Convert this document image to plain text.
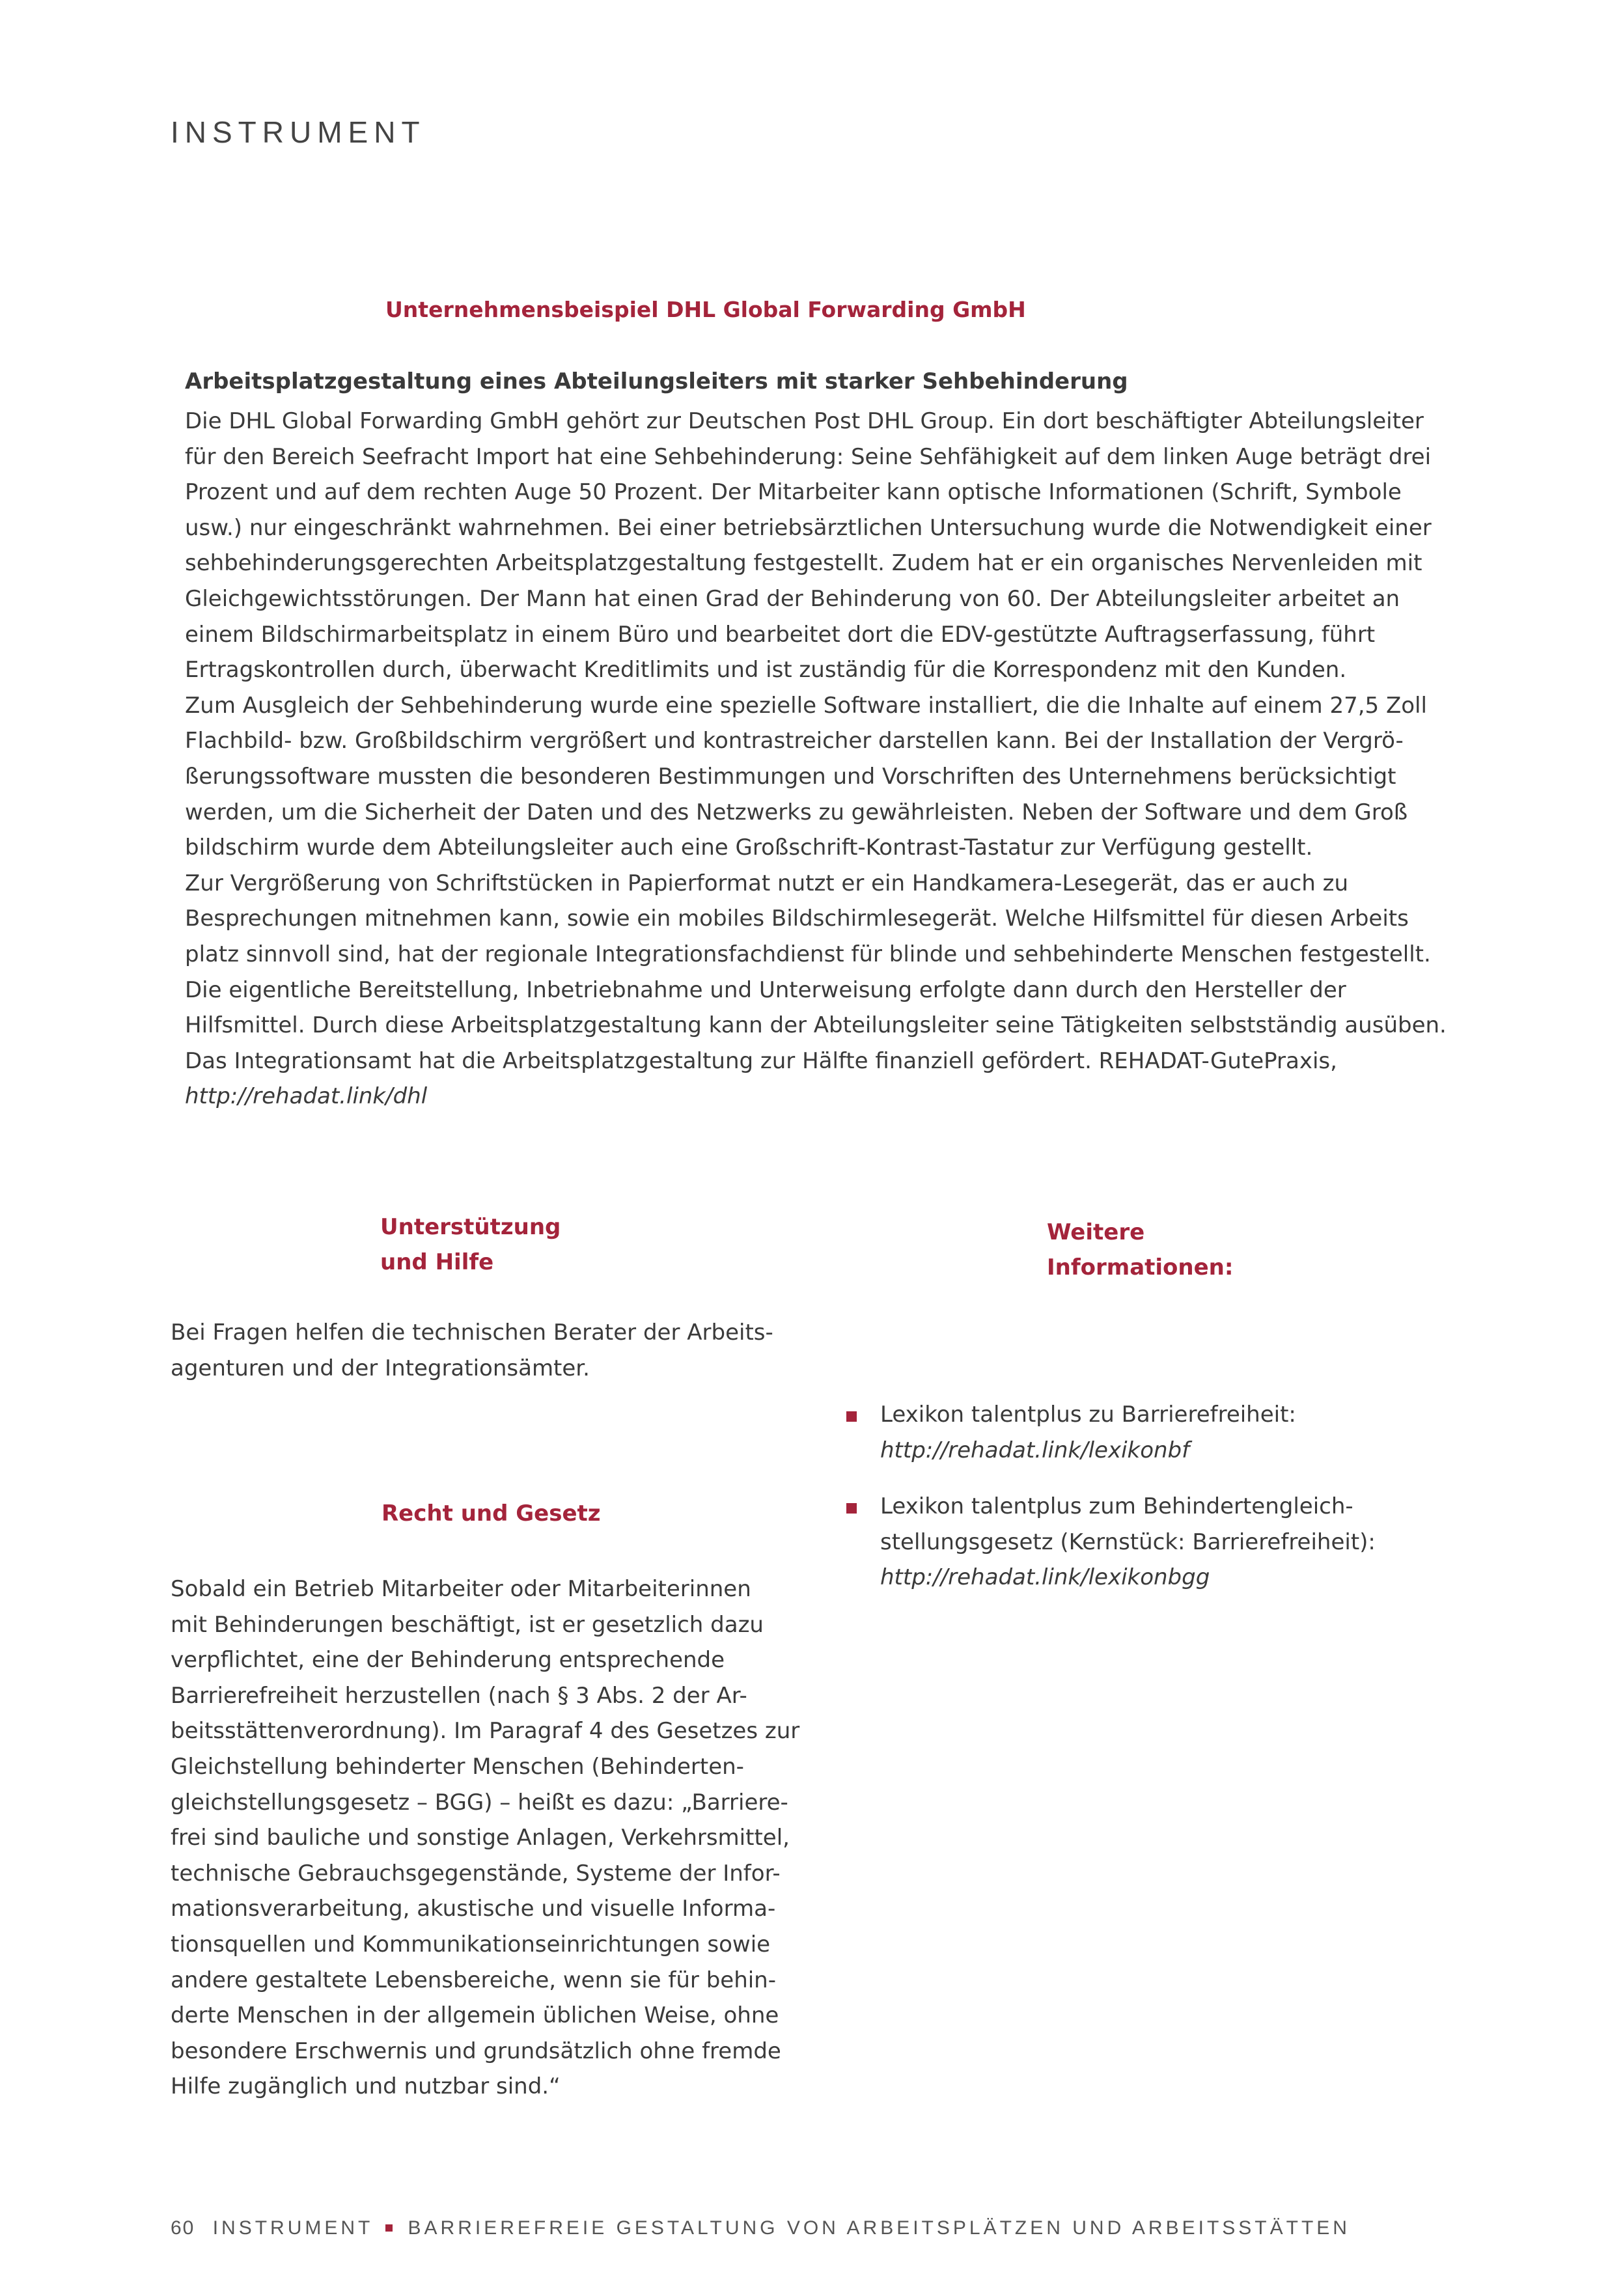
INSTRUMENT
Unternehmensbeispiel DHL Global Forwarding GmbH
Arbeitsplatzgestaltung eines Abteilungsleiters mit starker Sehbehinderung
Die DHL Global Forwarding GmbH gehört zur Deutschen Post DHL Group. Ein dort beschäftigter Abteilungsleiter
für den Bereich Seefracht Import hat eine Sehbehinderung: Seine Sehfähigkeit auf dem linken Auge beträgt drei
Prozent und auf dem rechten Auge 50 Prozent. Der Mitarbeiter kann optische Informationen (Schrift, Symbole
usw.) nur eingeschränkt wahrnehmen. Bei einer betriebsärztlichen Untersuchung wurde die Notwendigkeit einer
sehbehinderungsgerechten Arbeitsplatzgestaltung festgestellt. Zudem hat er ein organisches Nervenleiden mit
Gleichgewichtsstörungen. Der Mann hat einen Grad der Behinderung von 60. Der Abteilungsleiter arbeitet an
einem Bildschirmarbeitsplatz in einem Büro und bearbeitet dort die EDV-gestützte Auftragserfassung, führt
Ertragskontrollen durch, überwacht Kreditlimits und ist zuständig für die Korrespondenz mit den Kunden.
Zum Ausgleich der Sehbehinderung wurde eine spezielle Software installiert, die die Inhalte auf einem 27,5 Zoll
Flachbild- bzw. Großbildschirm vergrößert und kontrastreicher darstellen kann. Bei der Installation der Vergrö-
ßerungssoftware mussten die besonderen Bestimmungen und Vorschriften des Unternehmens berücksichtigt
werden, um die Sicherheit der Daten und des Netzwerks zu gewährleisten. Neben der Software und dem Groß
bildschirm wurde dem Abteilungsleiter auch eine Großschrift-Kontrast-Tastatur zur Verfügung gestellt.
Zur Vergrößerung von Schriftstücken in Papierformat nutzt er ein Handkamera-Lesegerät, das er auch zu
Besprechungen mitnehmen kann, sowie ein mobiles Bildschirmlesegerät. Welche Hilfsmittel für diesen Arbeits
platz sinnvoll sind, hat der regionale Integrationsfachdienst für blinde und sehbehinderte Menschen festgestellt.
Die eigentliche Bereitstellung, Inbetriebnahme und Unterweisung erfolgte dann durch den Hersteller der
Hilfsmittel. Durch diese Arbeitsplatzgestaltung kann der Abteilungsleiter seine Tätigkeiten selbstständig ausüben.
Das Integrationsamt hat die Arbeitsplatzgestaltung zur Hälfte finanziell gefördert. REHADAT-GutePraxis,
http://rehadat.link/dhl
Unterstützung
und Hilfe
Bei Fragen helfen die technischen Berater der Arbeits-
agenturen und der Integrationsämter.
Recht und Gesetz
Sobald ein Betrieb Mitarbeiter oder Mitarbeiterinnen
mit Behinderungen beschäftigt, ist er gesetzlich dazu
verpflichtet, eine der Behinderung entsprechende
Barrierefreiheit herzustellen (nach § 3 Abs. 2 der Ar-
beitsstättenverordnung). Im Paragraf 4 des Gesetzes zur
Gleichstellung behinderter Menschen (Behinderten-
gleichstellungsgesetz – BGG) – heißt es dazu: „Barriere-
frei sind bauliche und sonstige Anlagen, Verkehrsmittel,
technische Gebrauchsgegenstände, Systeme der Infor-
mationsverarbeitung, akustische und visuelle Informa-
tionsquellen und Kommunikationseinrichtungen sowie
andere gestaltete Lebensbereiche, wenn sie für behin-
derte Menschen in der allgemein üblichen Weise, ohne
besondere Erschwernis und grundsätzlich ohne fremde
Hilfe zugänglich und nutzbar sind.“
Weitere
Informationen:
Lexikon talentplus zu Barrierefreiheit:
http://rehadat.link/lexikonbf
Lexikon talentplus zum Behindertengleich-
stellungsgesetz (Kernstück: Barrierefreiheit):
http://rehadat.link/lexikonbgg
60 INSTRUMENT BARRIEREFREIE GESTALTUNG VON ARBEITSPLÄTZEN UND ARBEITSSTÄTTEN
